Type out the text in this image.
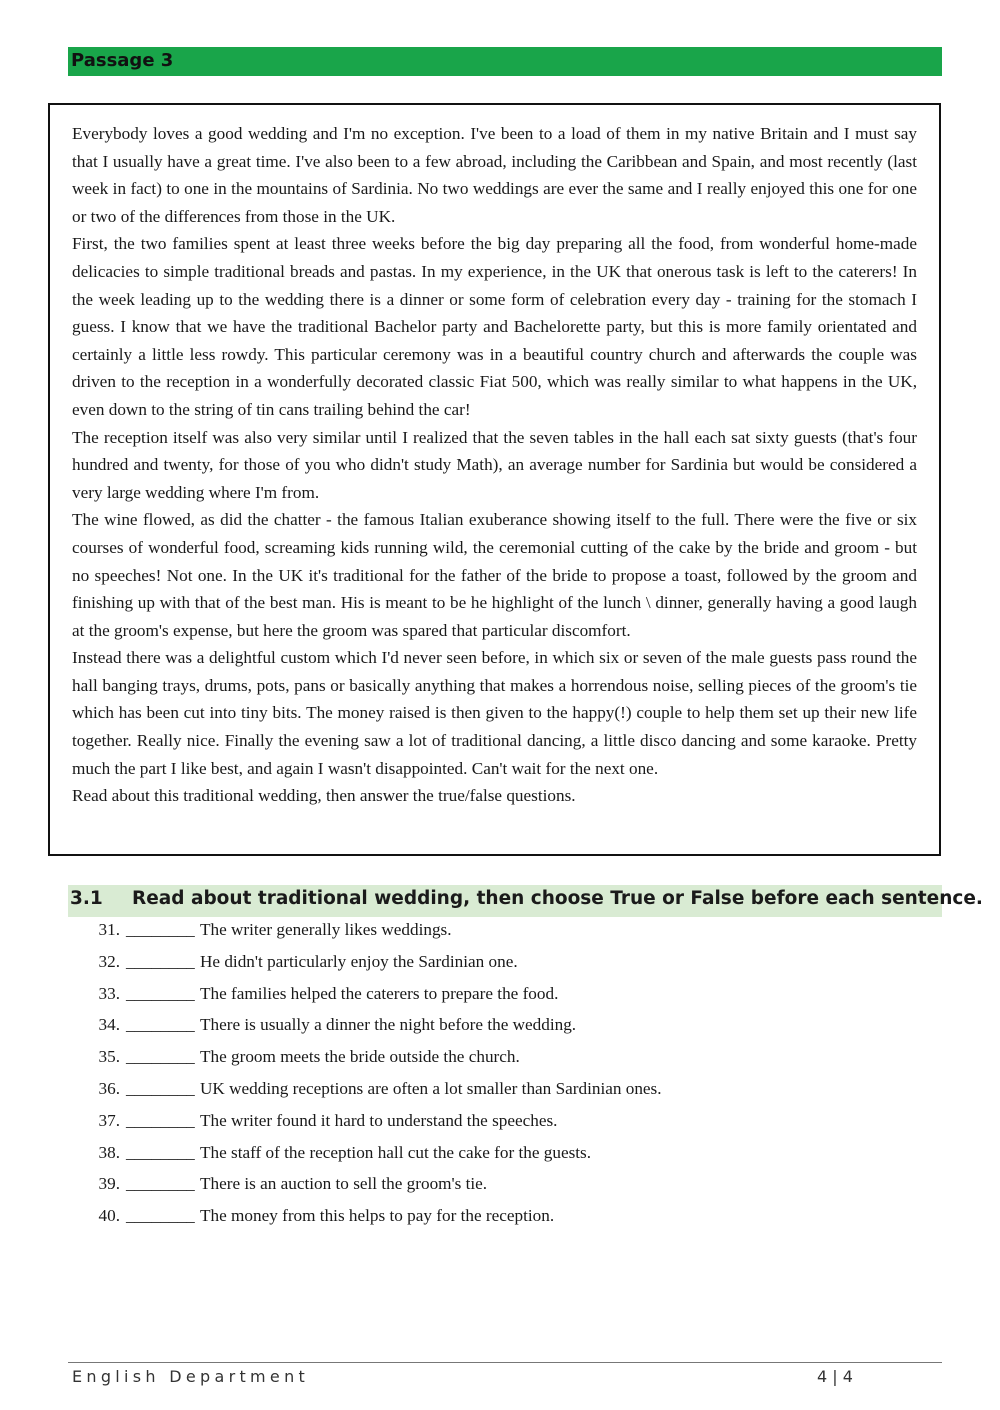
Passage 3

Everybody loves a good wedding and I'm no exception. I've been to a load of them in my native Britain and I must say that I usually have a great time. I've also been to a few abroad, including the Caribbean and Spain, and most recently (last week in fact) to one in the mountains of Sardinia. No two weddings are ever the same and I really enjoyed this one for one or two of the differences from those in the UK.

First, the two families spent at least three weeks before the big day preparing all the food, from wonderful home-made delicacies to simple traditional breads and pastas. In my experience, in the UK that onerous task is left to the caterers! In the week leading up to the wedding there is a dinner or some form of celebration every day - training for the stomach I guess. I know that we have the traditional Bachelor party and Bachelorette party, but this is more family orientated and certainly a little less rowdy. This particular ceremony was in a beautiful country church and afterwards the couple was driven to the reception in a wonderfully decorated classic Fiat 500, which was really similar to what happens in the UK, even down to the string of tin cans trailing behind the car!

The reception itself was also very similar until I realized that the seven tables in the hall each sat sixty guests (that's four hundred and twenty, for those of you who didn't study Math), an average number for Sardinia but would be considered a very large wedding where I'm from.

The wine flowed, as did the chatter - the famous Italian exuberance showing itself to the full. There were the five or six courses of wonderful food, screaming kids running wild, the ceremonial cutting of the cake by the bride and groom - but no speeches! Not one. In the UK it's traditional for the father of the bride to propose a toast, followed by the groom and finishing up with that of the best man. His is meant to be he highlight of the lunch \ dinner, generally having a good laugh at the groom's expense, but here the groom was spared that particular discomfort.

Instead there was a delightful custom which I'd never seen before, in which six or seven of the male guests pass round the hall banging trays, drums, pots, pans or basically anything that makes a horrendous noise, selling pieces of the groom's tie which has been cut into tiny bits. The money raised is then given to the happy(!) couple to help them set up their new life together. Really nice. Finally the evening saw a lot of traditional dancing, a little disco dancing and some karaoke. Pretty much the part I like best, and again I wasn't disappointed. Can't wait for the next one.

Read about this traditional wedding, then answer the true/false questions.

3.1 Read about traditional wedding, then choose True or False before each sentence.
31. ________ The writer generally likes weddings.
32. ________ He didn't particularly enjoy the Sardinian one.
33. ________ The families helped the caterers to prepare the food.
34. ________ There is usually a dinner the night before the wedding.
35. ________ The groom meets the bride outside the church.
36. ________ UK wedding receptions are often a lot smaller than Sardinian ones.
37. ________ The writer found it hard to understand the speeches.
38. ________ The staff of the reception hall cut the cake for the guests.
39. ________ There is an auction to sell the groom's tie.
40. ________ The money from this helps to pay for the reception.
English Department	4 | 4
